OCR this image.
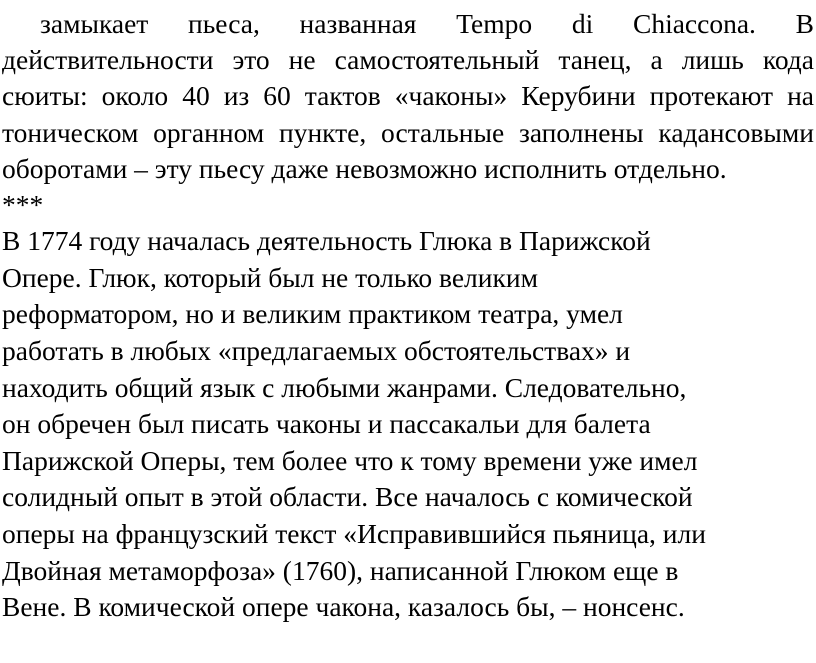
замыкает пьеса, названная Tempo di Chiaccona. В действительности это не самостоятельный танец, а лишь кода сюиты: около 40 из 60 тактов «чаконы» Керубини протекают на тоническом органном пункте, остальные заполнены кадансовыми оборотами – эту пьесу даже невозможно исполнить отдельно.

***

В 1774 году началась деятельность Глюка в Парижской
Опере. Глюк, который был не только великим
реформатором, но и великим практиком театра, умел
работать в любых «предлагаемых обстоятельствах» и
находить общий язык с любыми жанрами. Следовательно,
он обречен был писать чаконы и пассакальи для балета
Парижской Оперы, тем более что к тому времени уже имел
солидный опыт в этой области. Все началось с комической
оперы на французский текст «Исправившийся пьяница, или
Двойная метаморфоза» (1760), написанной Глюком еще в
Вене. В комической опере чакона, казалось бы, – нонсенс.
